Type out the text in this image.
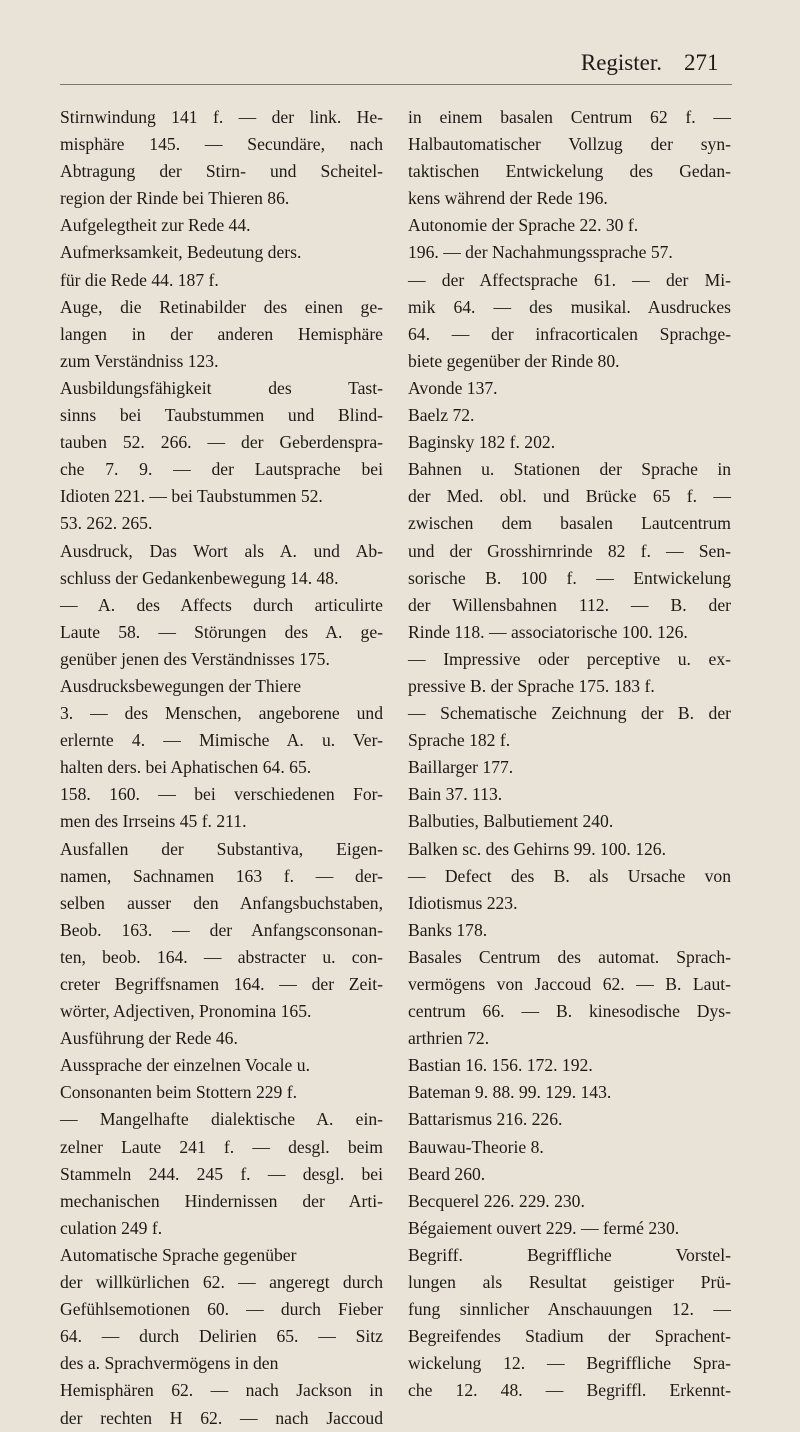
Register. 271
Stirnwindung 141 f. — der link. He-
misphäre 145. — Secundäre, nach
Abtragung der Stirn- und Scheitel-
region der Rinde bei Thieren 86.
Aufgelegtheit zur Rede 44.
Aufmerksamkeit, Bedeutung ders.
für die Rede 44. 187 f.
Auge, die Retinabilder des einen ge-
langen in der anderen Hemisphäre
zum Verständniss 123.
Ausbildungsfähigkeit des Tast-
sinns bei Taubstummen und Blind-
tauben 52. 266. — der Geberdenspra-
che 7. 9. — der Lautsprache bei
Idioten 221. — bei Taubstummen 52.
53. 262. 265.
Ausdruck, Das Wort als A. und Ab-
schluss der Gedankenbewegung 14. 48.
— A. des Affects durch articulirte
Laute 58. — Störungen des A. ge-
genüber jenen des Verständnisses 175.
Ausdrucksbewegungen der Thiere
3. — des Menschen, angeborene und
erlernte 4. — Mimische A. u. Ver-
halten ders. bei Aphatischen 64. 65.
158. 160. — bei verschiedenen For-
men des Irrseins 45 f. 211.
Ausfallen der Substantiva, Eigen-
namen, Sachnamen 163 f. — der-
selben ausser den Anfangsbuchstaben,
Beob. 163. — der Anfangsconsonan-
ten, beob. 164. — abstracter u. con-
creter Begriffsnamen 164. — der Zeit-
wörter, Adjectiven, Pronomina 165.
Ausführung der Rede 46.
Aussprache der einzelnen Vocale u.
Consonanten beim Stottern 229 f.
— Mangelhafte dialektische A. ein-
zelner Laute 241 f. — desgl. beim
Stammeln 244. 245 f. — desgl. bei
mechanischen Hindernissen der Arti-
culation 249 f.
Automatische Sprache gegenüber
der willkürlichen 62. — angeregt durch
Gefühlsemotionen 60. — durch Fieber
64. — durch Delirien 65. — Sitz
des a. Sprachvermögens in den
Hemisphären 62. — nach Jackson in
der rechten H 62. — nach Jaccoud
in einem basalen Centrum 62 f. —
Halbautomatischer Vollzug der syn-
taktischen Entwickelung des Gedan-
kens während der Rede 196.
Autonomie der Sprache 22. 30 f.
196. — der Nachahmungssprache 57.
— der Affectsprache 61. — der Mi-
mik 64. — des musikal. Ausdruckes
64. — der infracorticalen Sprachge-
biete gegenüber der Rinde 80.
Avonde 137.
Baelz 72.
Baginsky 182 f. 202.
Bahnen u. Stationen der Sprache in
der Med. obl. und Brücke 65 f. —
zwischen dem basalen Lautcentrum
und der Grosshirnrinde 82 f. — Sen-
sorische B. 100 f. — Entwickelung
der Willensbahnen 112. — B. der
Rinde 118. — associatorische 100. 126.
— Impressive oder perceptive u. ex-
pressive B. der Sprache 175. 183 f.
— Schematische Zeichnung der B. der
Sprache 182 f.
Baillarger 177.
Bain 37. 113.
Balbuties, Balbutiement 240.
Balken sc. des Gehirns 99. 100. 126.
— Defect des B. als Ursache von
Idiotismus 223.
Banks 178.
Basales Centrum des automat. Sprach-
vermögens von Jaccoud 62. — B. Laut-
centrum 66. — B. kinesodische Dys-
arthrien 72.
Bastian 16. 156. 172. 192.
Bateman 9. 88. 99. 129. 143.
Battarismus 216. 226.
Bauwau-Theorie 8.
Beard 260.
Becquerel 226. 229. 230.
Bégaiement ouvert 229. — fermé 230.
Begriff. Begriffliche Vorstel-
lungen als Resultat geistiger Prü-
fung sinnlicher Anschauungen 12. —
Begreifendes Stadium der Sprachent-
wickelung 12. — Begriffliche Spra-
che 12. 48. — Begriffl. Erkennt-
